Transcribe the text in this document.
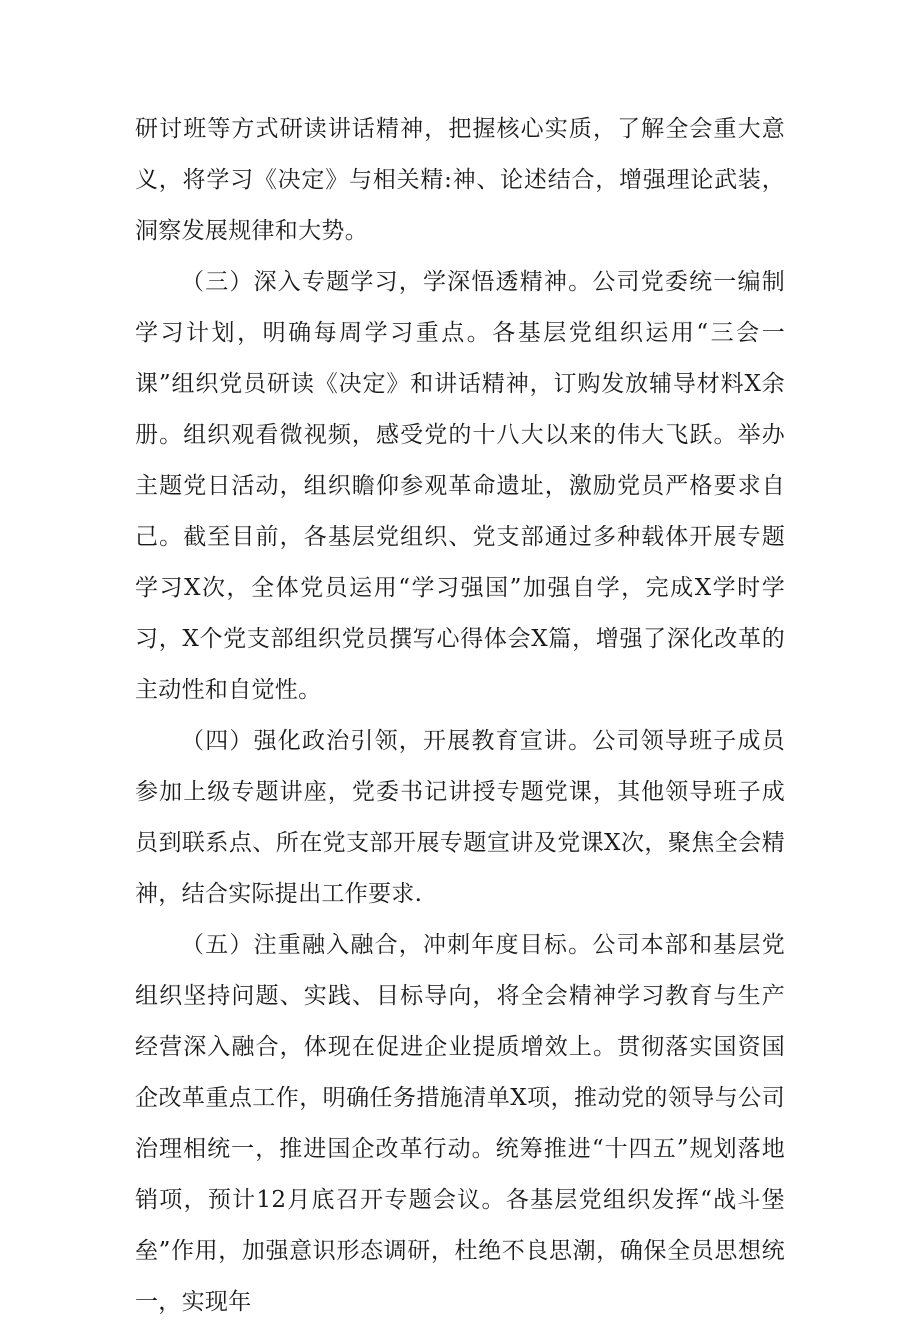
研讨班等方式研读讲话精神，把握核心实质，了解全会重大意义，将学习《决定》与相关精:神、论述结合，增强理论武装，洞察发展规律和大势。

（三）深入专题学习，学深悟透精神。公司党委统一编制学习计划，明确每周学习重点。各基层党组织运用“三会一课”组织党员研读《决定》和讲话精神，订购发放辅导材料X余册。组织观看微视频，感受党的十八大以来的伟大飞跃。举办主题党日活动，组织瞻仰参观革命遗址，激励党员严格要求自己。截至目前，各基层党组织、党支部通过多种载体开展专题学习X次，全体党员运用“学习强国”加强自学，完成X学时学习，X个党支部组织党员撰写心得体会X篇，增强了深化改革的主动性和自觉性。

（四）强化政治引领，开展教育宣讲。公司领导班子成员参加上级专题讲座，党委书记讲授专题党课，其他领导班子成员到联系点、所在党支部开展专题宣讲及党课X次，聚焦全会精神，结合实际提出工作要求.

（五）注重融入融合，冲刺年度目标。公司本部和基层党组织坚持问题、实践、目标导向，将全会精神学习教育与生产经营深入融合，体现在促进企业提质增效上。贯彻落实国资国企改革重点工作，明确任务措施清单X项，推动党的领导与公司治理相统一，推进国企改革行动。统筹推进“十四五”规划落地销项，预计12月底召开专题会议。各基层党组织发挥“战斗堡垒”作用，加强意识形态调研，杜绝不良思潮，确保全员思想统一，实现年
